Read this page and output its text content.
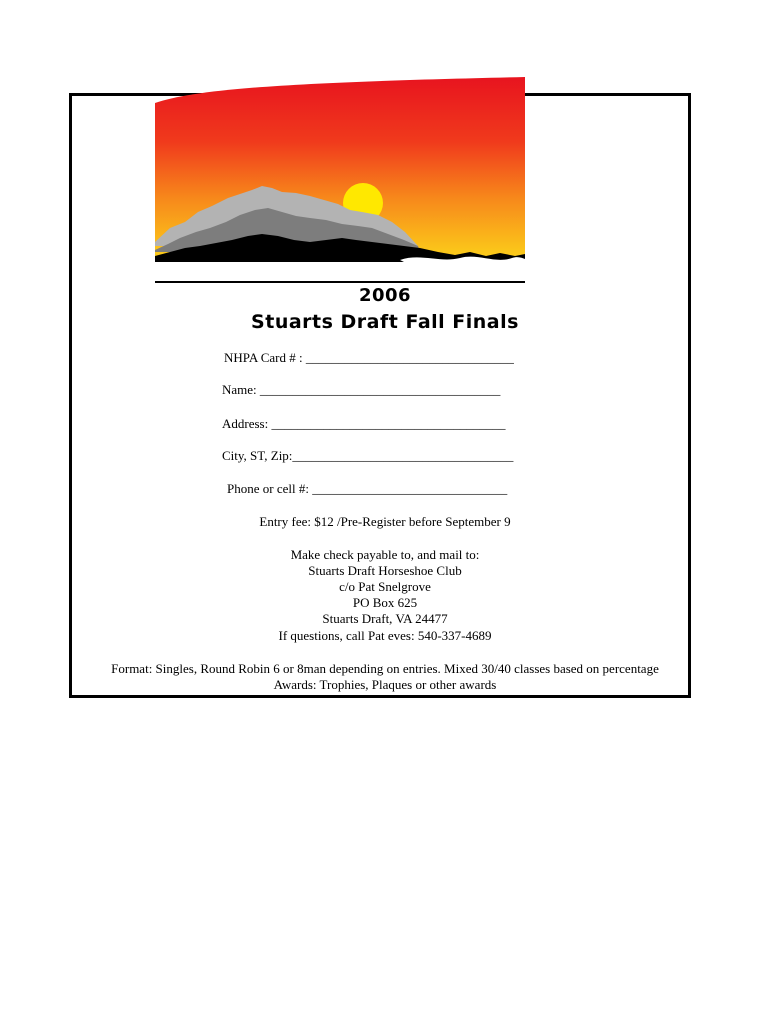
2006
Stuarts Draft Fall Finals
NHPA Card # : ________________________________
Name: _____________________________________
Address: ____________________________________
City, ST, Zip:__________________________________
Phone or cell #: ______________________________
Entry fee: $12 /Pre-Register before September 9
Make check payable to, and mail to:
Stuarts Draft Horseshoe Club
c/o Pat Snelgrove
PO Box 625
Stuarts Draft, VA 24477
If questions, call Pat eves: 540-337-4689
Format: Singles, Round Robin 6 or 8man depending on entries. Mixed 30/40 classes based on percentage
Awards: Trophies, Plaques or other awards
